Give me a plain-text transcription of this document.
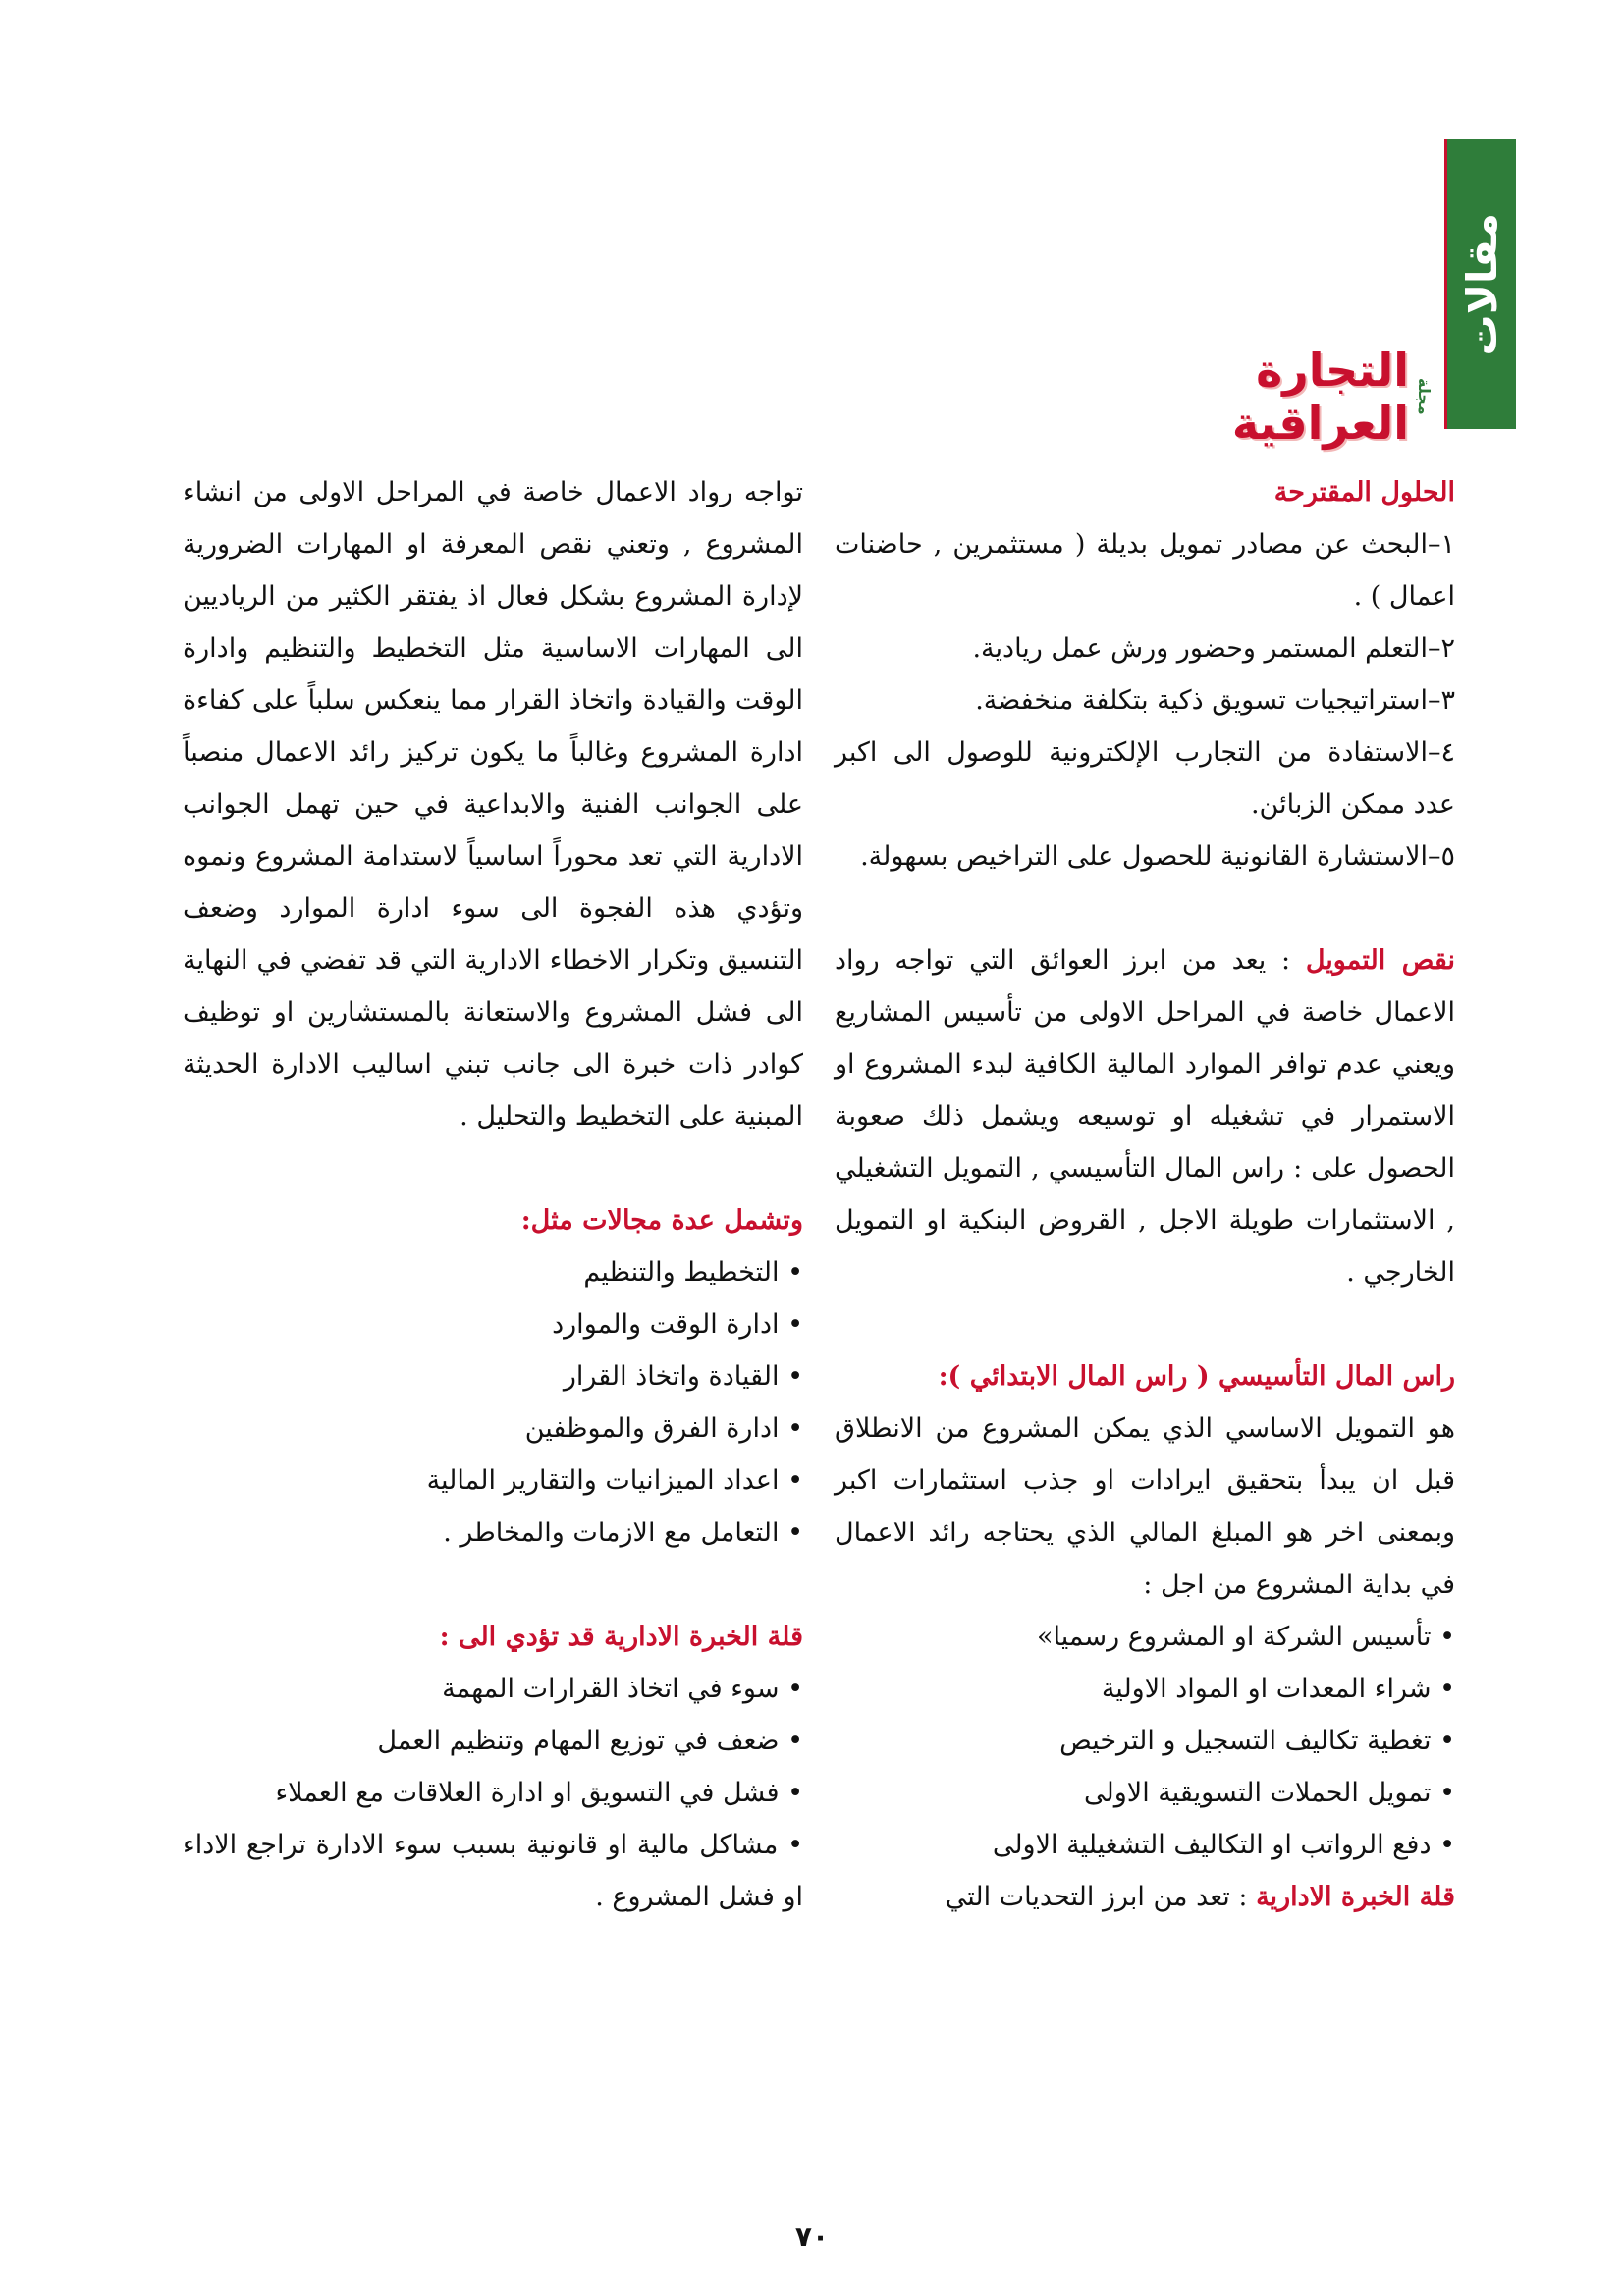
مقالات
مجلة
التجارة العراقية

الحلول المقترحة

١–البحث عن مصادر تمويل بديلة ( مستثمرين , حاضنات اعمال ) .

٢–التعلم المستمر وحضور ورش عمل ريادية.

٣–استراتيجيات تسويق ذكية بتكلفة منخفضة.

٤–الاستفادة من التجارب الإلكترونية للوصول الى اكبر عدد ممكن الزبائن.

٥–الاستشارة القانونية للحصول على التراخيص بسهولة.

نقص التمويل : يعد من ابرز العوائق التي تواجه رواد الاعمال خاصة في المراحل الاولى من تأسيس المشاريع ويعني عدم توافر الموارد المالية الكافية لبدء المشروع او الاستمرار في تشغيله او توسيعه ويشمل ذلك صعوبة الحصول على : راس المال التأسيسي , التمويل التشغيلي , الاستثمارات طويلة الاجل , القروض البنكية او التمويل الخارجي .

راس المال التأسيسي ( راس المال الابتدائي ):

هو التمويل الاساسي الذي يمكن المشروع من الانطلاق قبل ان يبدأ بتحقيق ايرادات او جذب استثمارات اكبر وبمعنى اخر هو المبلغ المالي الذي يحتاجه رائد الاعمال في بداية المشروع من اجل :

• تأسيس الشركة او المشروع رسميا»
• شراء المعدات او المواد الاولية
• تغطية تكاليف التسجيل و الترخيص
• تمويل الحملات التسويقية الاولى
• دفع الرواتب او التكاليف التشغيلية الاولى

قلة الخبرة الادارية : تعد من ابرز التحديات التي

تواجه رواد الاعمال خاصة في المراحل الاولى من انشاء المشروع , وتعني نقص المعرفة او المهارات الضرورية لإدارة المشروع بشكل فعال اذ يفتقر الكثير من الرياديين الى المهارات الاساسية مثل التخطيط والتنظيم وادارة الوقت والقيادة واتخاذ القرار مما ينعكس سلباً على كفاءة ادارة المشروع وغالباً ما يكون تركيز رائد الاعمال منصباً على الجوانب الفنية والابداعية في حين تهمل الجوانب الادارية التي تعد محوراً اساسياً لاستدامة المشروع ونموه وتؤدي هذه الفجوة الى سوء ادارة الموارد وضعف التنسيق وتكرار الاخطاء الادارية التي قد تفضي في النهاية الى فشل المشروع والاستعانة بالمستشارين او توظيف كوادر ذات خبرة الى جانب تبني اساليب الادارة الحديثة المبنية على التخطيط والتحليل .

وتشمل عدة مجالات مثل:

• التخطيط والتنظيم
• ادارة الوقت والموارد
• القيادة واتخاذ القرار
• ادارة الفرق والموظفين
• اعداد الميزانيات والتقارير المالية
• التعامل مع الازمات والمخاطر .

قلة الخبرة الادارية قد تؤدي الى :

• سوء في اتخاذ القرارات المهمة
• ضعف في توزيع المهام وتنظيم العمل
• فشل في التسويق او ادارة العلاقات مع العملاء
• مشاكل مالية او قانونية بسبب سوء الادارة تراجع الاداء او فشل المشروع .
٧٠
